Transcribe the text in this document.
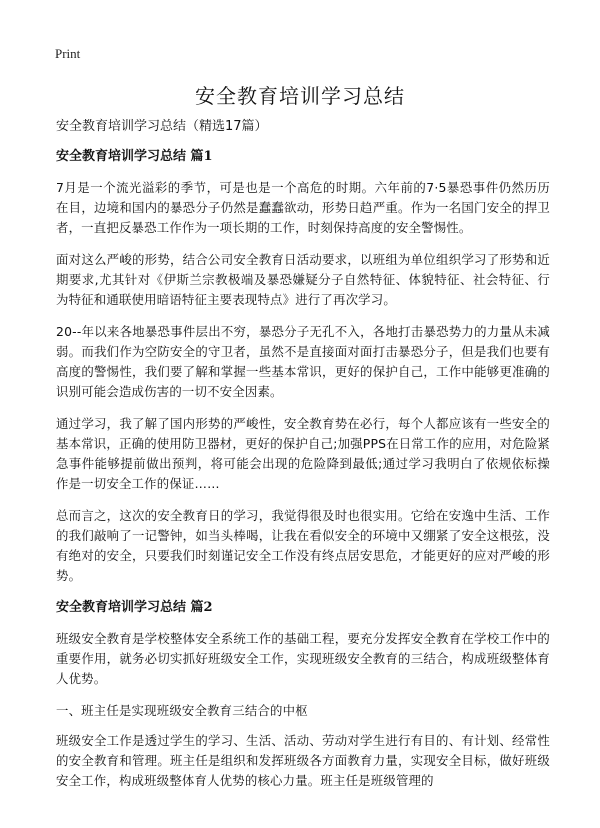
Print
安全教育培训学习总结

安全教育培训学习总结（精选17篇）

安全教育培训学习总结 篇1

7月是一个流光溢彩的季节，可是也是一个高危的时期。六年前的7·5暴恐事件仍然历历在目，边境和国内的暴恐分子仍然是蠢蠢欲动，形势日趋严重。作为一名国门安全的捍卫者，一直把反暴恐工作作为一项长期的工作，时刻保持高度的安全警惕性。

面对这么严峻的形势，结合公司安全教育日活动要求，以班组为单位组织学习了形势和近期要求,尤其针对《伊斯兰宗教极端及暴恐嫌疑分子自然特征、体貌特征、社会特征、行为特征和通联使用暗语特征主要表现特点》进行了再次学习。

20--年以来各地暴恐事件层出不穷，暴恐分子无孔不入，各地打击暴恐势力的力量从未减弱。而我们作为空防安全的守卫者，虽然不是直接面对面打击暴恐分子，但是我们也要有高度的警惕性，我们要了解和掌握一些基本常识，更好的保护自己，工作中能够更准确的识别可能会造成伤害的一切不安全因素。

通过学习，我了解了国内形势的严峻性，安全教育势在必行，每个人都应该有一些安全的基本常识，正确的使用防卫器材，更好的保护自己;加强PPS在日常工作的应用，对危险紧急事件能够提前做出预判，将可能会出现的危险降到最低;通过学习我明白了依规依标操作是一切安全工作的保证……

总而言之，这次的安全教育日的学习，我觉得很及时也很实用。它给在安逸中生活、工作的我们敲响了一记警钟，如当头棒喝，让我在看似安全的环境中又绷紧了安全这根弦，没有绝对的安全，只要我们时刻谨记安全工作没有终点居安思危，才能更好的应对严峻的形势。

安全教育培训学习总结 篇2

班级安全教育是学校整体安全系统工作的基础工程，要充分发挥安全教育在学校工作中的重要作用，就务必切实抓好班级安全工作，实现班级安全教育的三结合，构成班级整体育人优势。

一、班主任是实现班级安全教育三结合的中枢

班级安全工作是透过学生的学习、生活、活动、劳动对学生进行有目的、有计划、经常性的安全教育和管理。班主任是组织和发挥班级各方面教育力量，实现安全目标，做好班级安全工作，构成班级整体育人优势的核心力量。班主任是班级管理的
